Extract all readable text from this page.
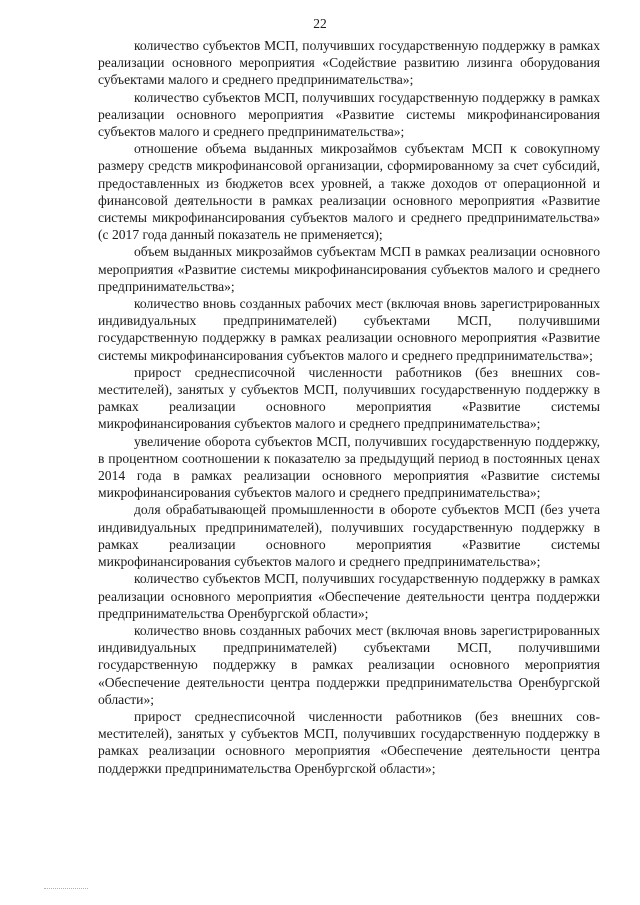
22

количество субъектов МСП, получивших государственную поддержку в рамках реализации основного мероприятия «Содействие развитию лизинга оборудования субъектами малого и среднего предпринимательства»;

количество субъектов МСП, получивших государственную поддержку в рамках реализации основного мероприятия «Развитие системы микрофинансирования субъектов малого и среднего предпринимательства»;

отношение объема выданных микрозаймов субъектам МСП к совокупному размеру средств микрофинансовой организации, сформированному за счет субсидий, предоставленных из бюджетов всех уровней, а также доходов от операционной и финансовой деятельности в рамках реализации основного мероприятия «Развитие системы микрофинансирования субъектов малого и среднего предпринимательства» (с 2017 года данный показатель не применяется);

объем выданных микрозаймов субъектам МСП в рамках реализации основного мероприятия «Развитие системы микрофинансирования субъектов малого и среднего предпринимательства»;

количество вновь созданных рабочих мест (включая вновь зарегистрированных индивидуальных предпринимателей) субъектами МСП, получившими государственную поддержку в рамках реализации основного мероприятия «Развитие системы микрофинансирования субъектов малого и среднего предпринимательства»;

прирост среднесписочной численности работников (без внешних совместителей), занятых у субъектов МСП, получивших государственную поддержку в рамках реализации основного мероприятия «Развитие системы микрофинансирования субъектов малого и среднего предпринимательства»;

увеличение оборота субъектов МСП, получивших государственную поддержку, в процентном соотношении к показателю за предыдущий период в постоянных ценах 2014 года в рамках реализации основного мероприятия «Развитие системы микрофинансирования субъектов малого и среднего предпринимательства»;

доля обрабатывающей промышленности в обороте субъектов МСП (без учета индивидуальных предпринимателей), получивших государственную поддержку в рамках реализации основного мероприятия «Развитие системы микрофинансирования субъектов малого и среднего предпринимательства»;

количество субъектов МСП, получивших государственную поддержку в рамках реализации основного мероприятия «Обеспечение деятельности центра поддержки предпринимательства Оренбургской области»;

количество вновь созданных рабочих мест (включая вновь зарегистрированных индивидуальных предпринимателей) субъектами МСП, получившими государственную поддержку в рамках реализации основного мероприятия «Обеспечение деятельности центра поддержки предпринимательства Оренбургской области»;

прирост среднесписочной численности работников (без внешних совместителей), занятых у субъектов МСП, получивших государственную поддержку в рамках реализации основного мероприятия «Обеспечение деятельности центра поддержки предпринимательства Оренбургской области»;
